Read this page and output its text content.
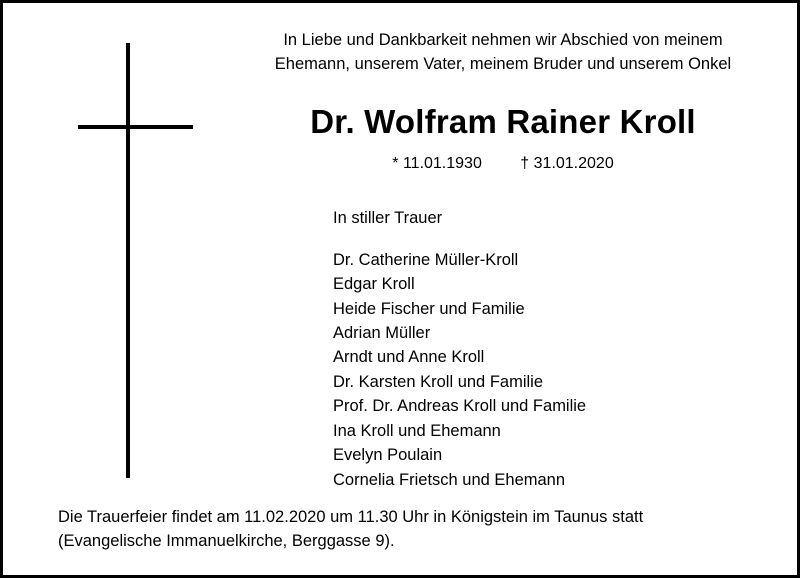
In Liebe und Dankbarkeit nehmen wir Abschied von meinem
Ehemann, unserem Vater, meinem Bruder und unserem Onkel
Dr. Wolfram Rainer Kroll
* 11.01.1930 † 31.01.2020
In stiller Trauer
Dr. Catherine Müller-Kroll
Edgar Kroll
Heide Fischer und Familie
Adrian Müller
Arndt und Anne Kroll
Dr. Karsten Kroll und Familie
Prof. Dr. Andreas Kroll und Familie
Ina Kroll und Ehemann
Evelyn Poulain
Cornelia Frietsch und Ehemann
Die Trauerfeier findet am 11.02.2020 um 11.30 Uhr in Königstein im Taunus statt
(Evangelische Immanuelkirche, Berggasse 9).
